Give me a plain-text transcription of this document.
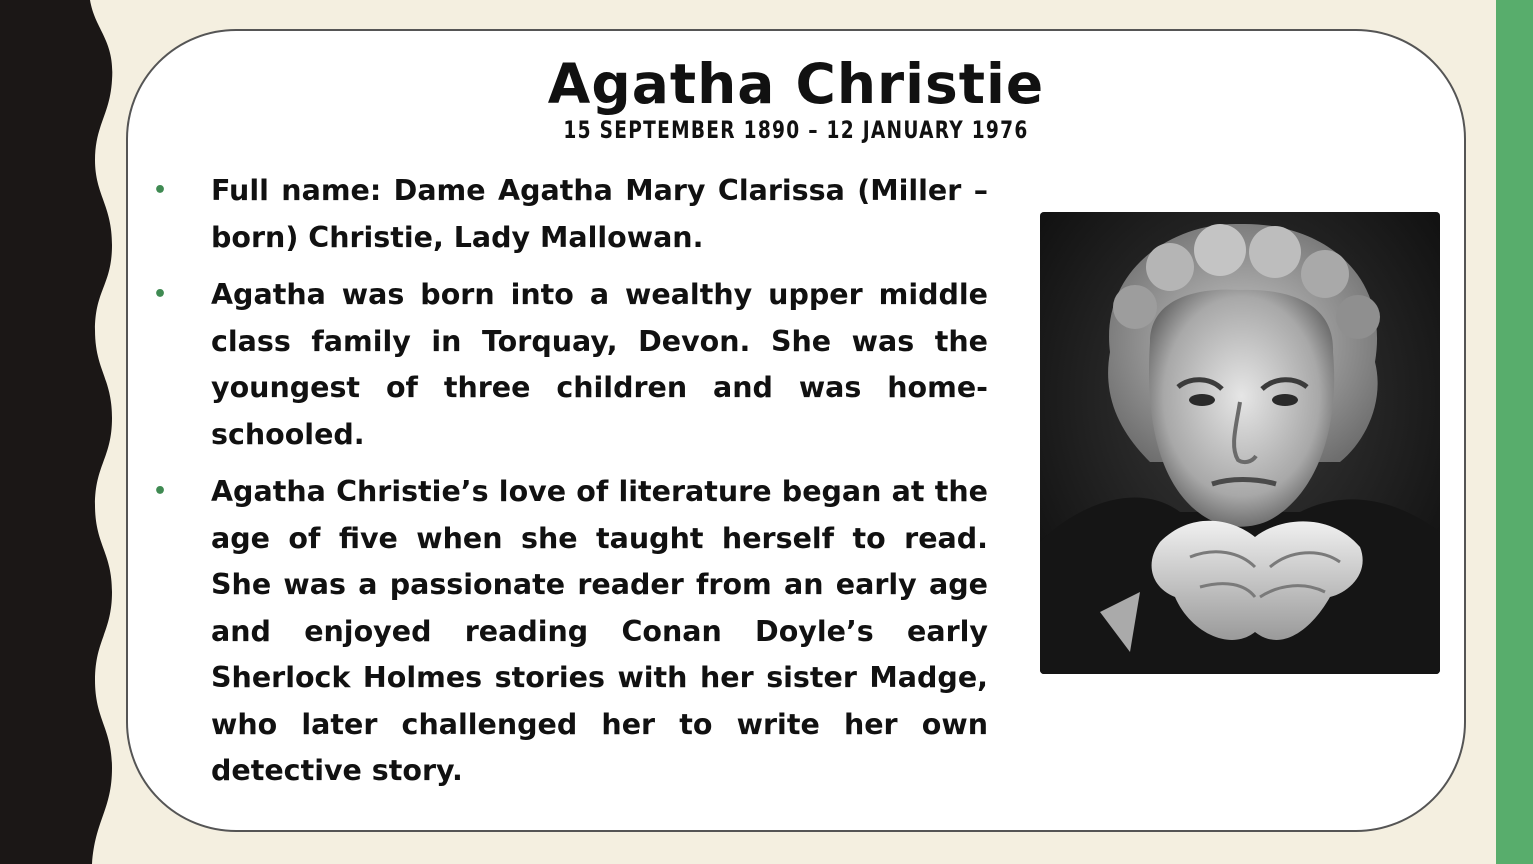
Agatha Christie
15 SEPTEMBER 1890 – 12 JANUARY 1976
• Full name: Dame Agatha Mary Clarissa (Miller – born) Christie, Lady Mallowan.
• Agatha was born into a wealthy upper middle class family in Torquay, Devon. She was the youngest of three children and was home-schooled.
• Agatha Christie’s love of literature began at the age of five when she taught herself to read. She was a passionate reader from an early age and enjoyed reading Conan Doyle’s early Sherlock Holmes stories with her sister Madge, who later challenged her to write her own detective story.
